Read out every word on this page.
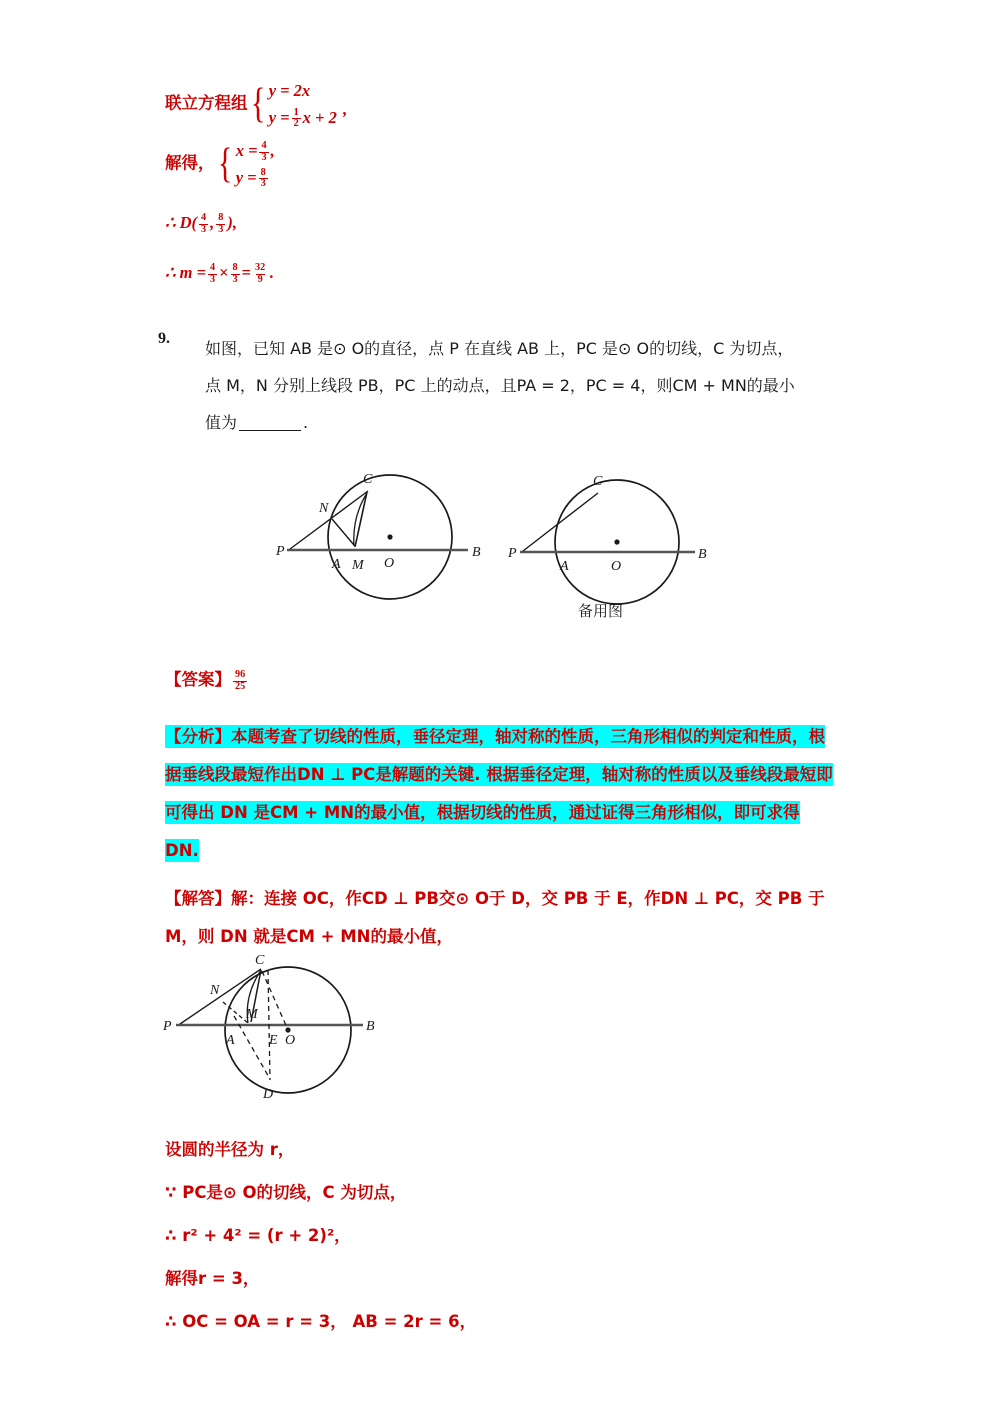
联立方程组 { y = 2x
$y = \frac{1}{2}$ x + 2 ’
解得， { $x = \frac{4}{3}$ ,
$y = \frac{8}{3}$
∴ $D( \frac{4}{3}$ , $\frac{8}{3}$ ),
∴ $m = \frac{4}{3} \times \frac{8}{3} = \frac{32}{9}$ .
9.
如图，已知 AB 是⊙ O的直径，点 P 在直线 AB 上，PC 是⊙ O的切线，C 为切点，
点 M，N 分别上线段 PB，PC 上的动点，且PA = 2，PC = 4，则CM + MN的最小
值为	.
P
N
C
A M O
B P
C
A	O
B
备用图
P
N
C
A
M
E O
B
D
【答案】 $\frac{96}{25}$
【分析】本题考查了切线的性质，垂径定理，轴对称的性质，三角形相似的判定和性质，根据垂线段最短作出DN ⊥ PC是解题的关键. 根据垂径定理，轴对称的性质以及垂线段最短即可得出 DN 是CM + MN的最小值，根据切线的性质，通过证得三角形相似，即可求得 DN.
【解答】解：连接 OC，作CD ⊥ PB交⊙ O于 D，交 PB 于 E，作DN ⊥ PC，交 PB 于 M，则 DN 就是CM + MN的最小值，
设圆的半径为 r，
∵ PC是⊙ O的切线，C 为切点，
∴ r² + 4² = (r + 2)²，
解得r = 3，
∴ OC = OA = r = 3， AB = 2r = 6，
